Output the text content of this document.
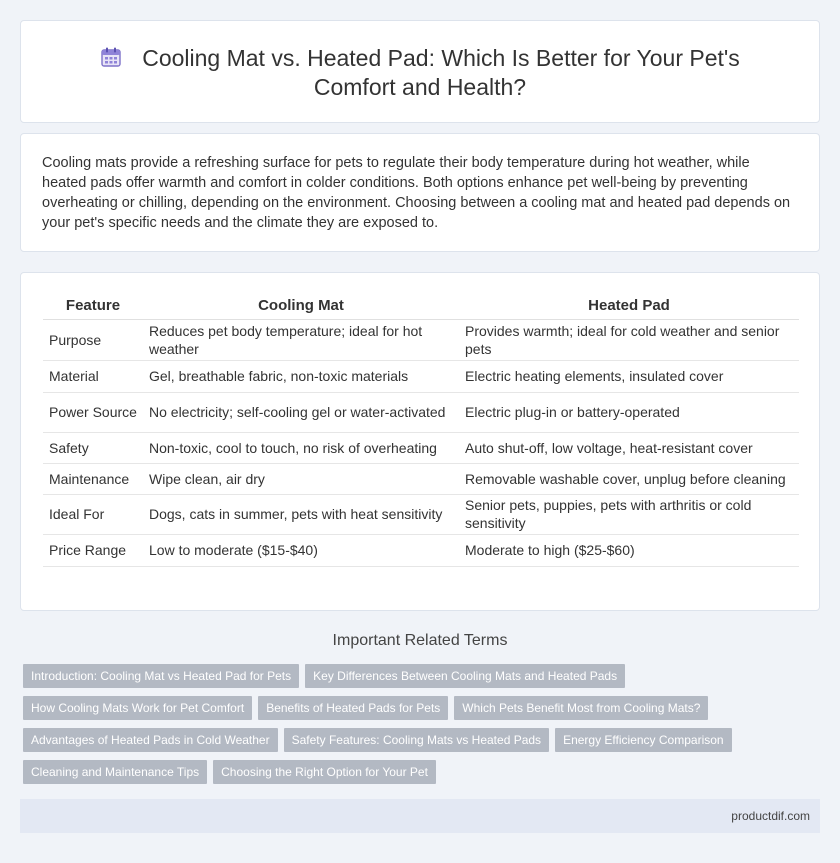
Cooling Mat vs. Heated Pad: Which Is Better for Your Pet's
Comfort and Health?

Cooling mats provide a refreshing surface for pets to regulate their body temperature during hot weather, while heated pads offer warmth and comfort in colder conditions. Both options enhance pet well-being by preventing overheating or chilling, depending on the environment. Choosing between a cooling mat and heated pad depends on your pet's specific needs and the climate they are exposed to.

Feature	Cooling Mat	Heated Pad
Purpose	Reduces pet body temperature; ideal for hot weather	Provides warmth; ideal for cold weather and senior pets
Material	Gel, breathable fabric, non-toxic materials	Electric heating elements, insulated cover
Power Source	No electricity; self-cooling gel or water-activated	Electric plug-in or battery-operated
Safety	Non-toxic, cool to touch, no risk of overheating	Auto shut-off, low voltage, heat-resistant cover
Maintenance	Wipe clean, air dry	Removable washable cover, unplug before cleaning
Ideal For	Dogs, cats in summer, pets with heat sensitivity	Senior pets, puppies, pets with arthritis or cold sensitivity
Price Range	Low to moderate ($15-$40)	Moderate to high ($25-$60)
Important Related Terms
Introduction: Cooling Mat vs Heated Pad for Pets Key Differences Between Cooling Mats and Heated Pads
How Cooling Mats Work for Pet Comfort Benefits of Heated Pads for Pets Which Pets Benefit Most from Cooling Mats?
Advantages of Heated Pads in Cold Weather Safety Features: Cooling Mats vs Heated Pads Energy Efficiency Comparison
Cleaning and Maintenance Tips Choosing the Right Option for Your Pet
productdif.com
